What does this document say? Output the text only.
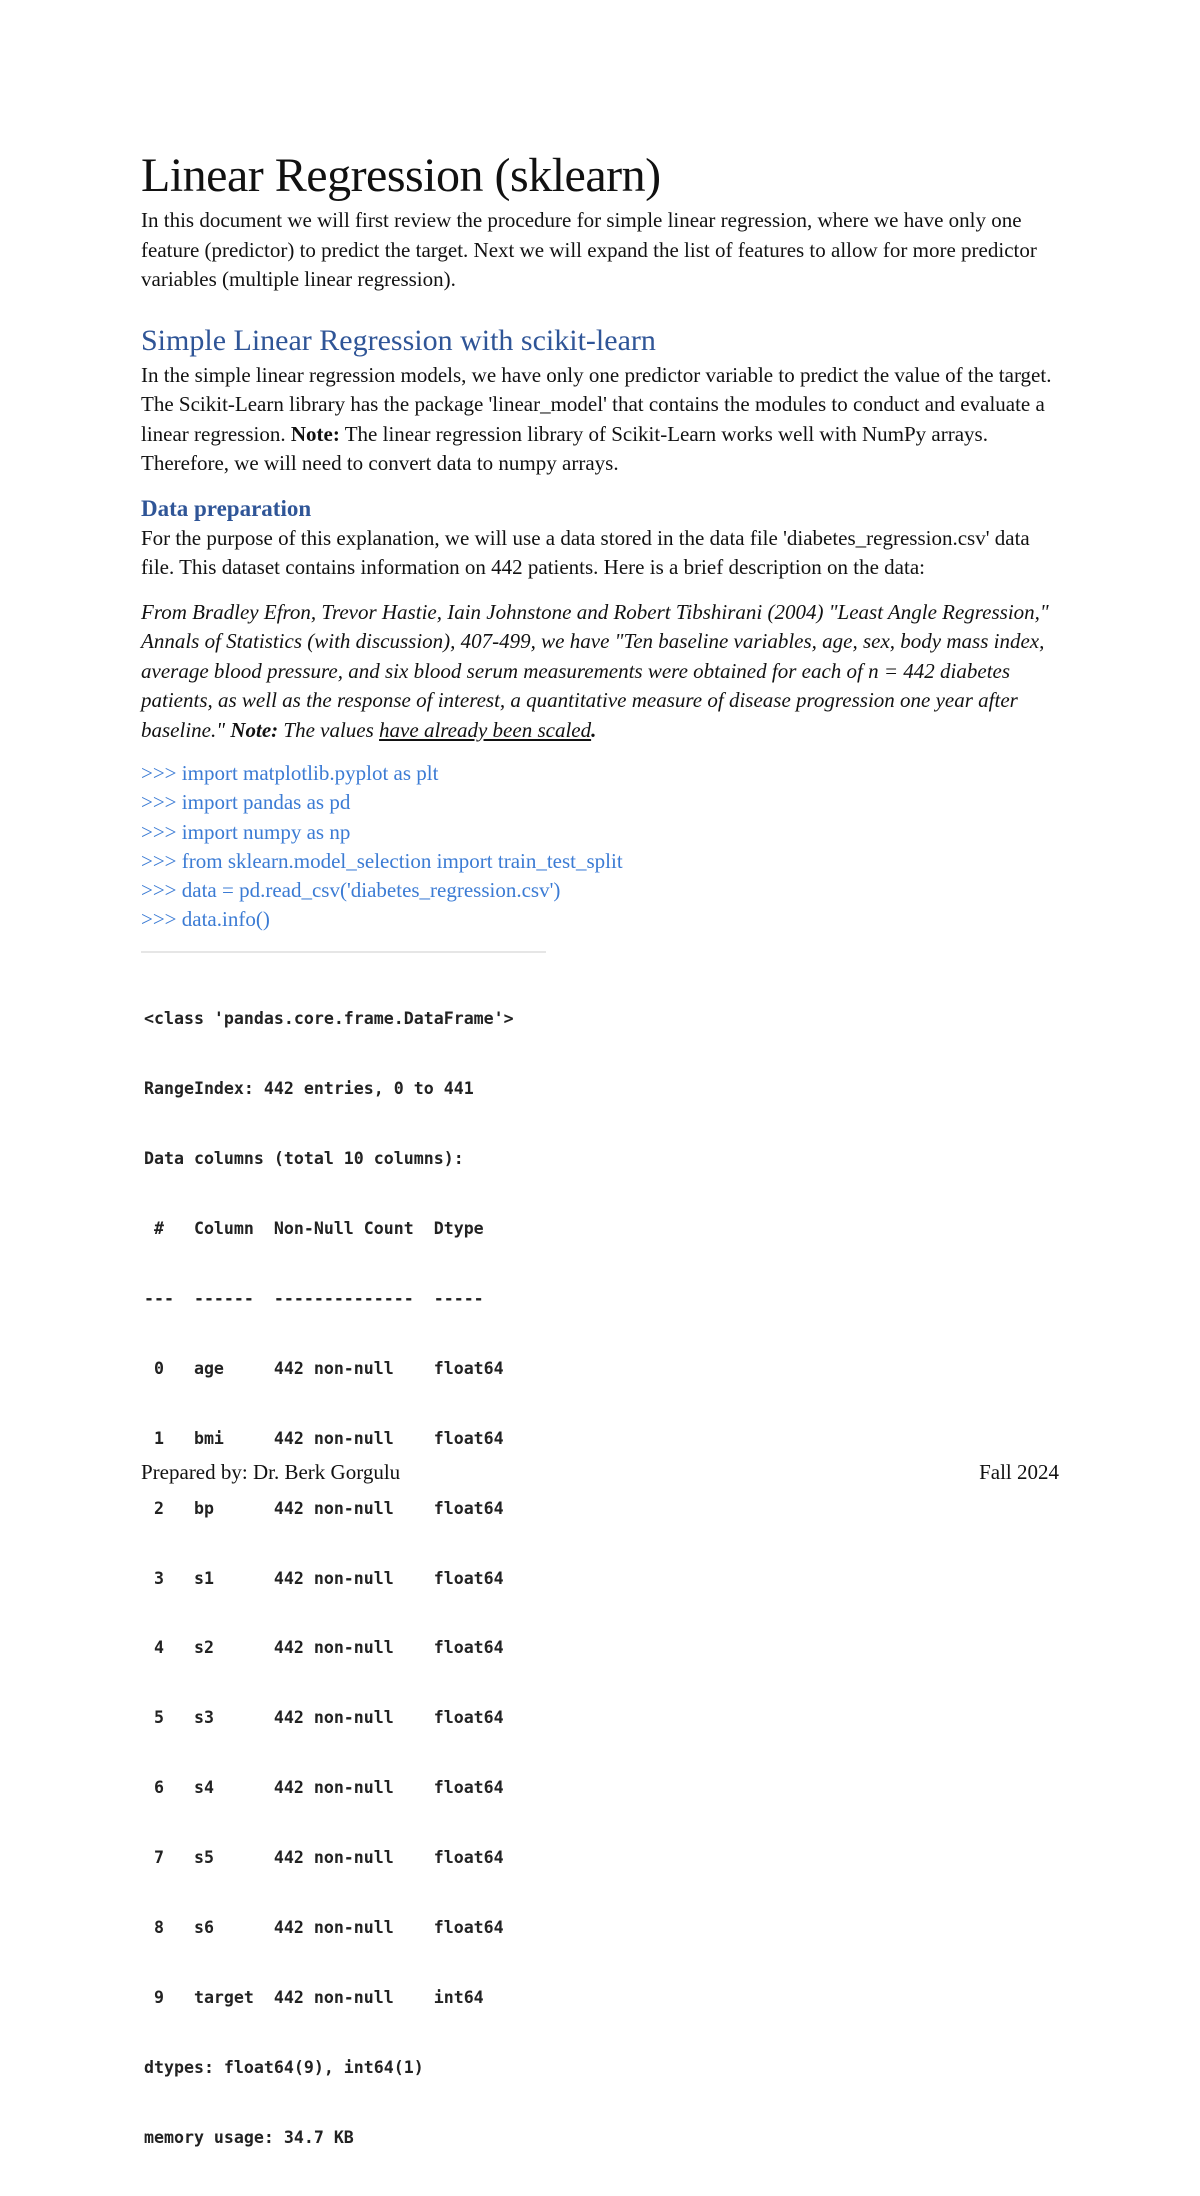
Linear Regression (sklearn)

In this document we will first review the procedure for simple linear regression, where we have only one feature (predictor) to predict the target. Next we will expand the list of features to allow for more predictor variables (multiple linear regression).

Simple Linear Regression with scikit-learn

In the simple linear regression models, we have only one predictor variable to predict the value of the target. The Scikit-Learn library has the package 'linear_model' that contains the modules to conduct and evaluate a linear regression. Note: The linear regression library of Scikit-Learn works well with NumPy arrays. Therefore, we will need to convert data to numpy arrays.

Data preparation

For the purpose of this explanation, we will use a data stored in the data file 'diabetes_regression.csv' data file. This dataset contains information on 442 patients. Here is a brief description on the data:

From Bradley Efron, Trevor Hastie, Iain Johnstone and Robert Tibshirani (2004) "Least Angle Regression," Annals of Statistics (with discussion), 407-499, we have "Ten baseline variables, age, sex, body mass index, average blood pressure, and six blood serum measurements were obtained for each of n = 442 diabetes patients, as well as the response of interest, a quantitative measure of disease progression one year after baseline." Note: The values have already been scaled.

>>> import matplotlib.pyplot as plt
>>> import pandas as pd
>>> import numpy as np
>>> from sklearn.model_selection import train_test_split
>>> data = pd.read_csv('diabetes_regression.csv')
>>> data.info()

<class 'pandas.core.frame.DataFrame'>

RangeIndex: 442 entries, 0 to 441

Data columns (total 10 columns):

#   Column  Non-Null Count  Dtype

---  ------  --------------  -----

0   age     442 non-null    float64

1   bmi     442 non-null    float64

2   bp      442 non-null    float64

3   s1      442 non-null    float64

4   s2      442 non-null    float64

5   s3      442 non-null    float64

6   s4      442 non-null    float64

7   s5      442 non-null    float64

8   s6      442 non-null    float64

9   target  442 non-null    int64

dtypes: float64(9), int64(1)

memory usage: 34.7 KB

Prepared by: Dr. Berk Gorgulu	Fall 2024
